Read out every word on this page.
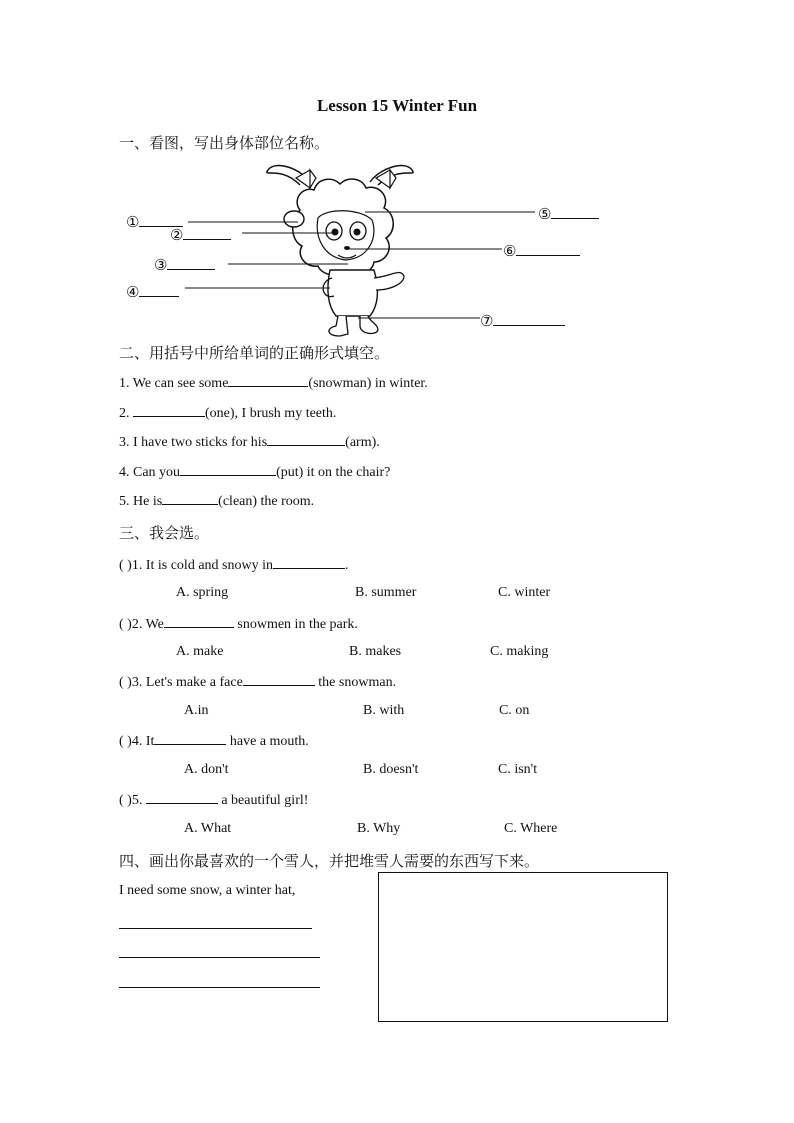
Lesson 15 Winter Fun
一、看图，写出身体部位名称。
①
②
③
④
⑤
⑥
⑦
二、用括号中所给单词的正确形式填空。
1. We can see some	(snowman) in winter.
2.	(one), I brush my teeth.
3. I have two sticks for his	(arm).
4. Can you	(put) it on the chair?
5. He is	(clean) the room.
三、我会选。
( )1. It is cold and snowy in	.
A. spring	B. summer	C. winter
( )2. We	snowmen in the park.
A. make	B. makes	C. making
( )3. Let's make a face	the snowman.
A.in	B. with	C. on
( )4. It	have a mouth.
A. don't	B. doesn't	C. isn't
( )5.	a beautiful girl!
A. What	B. Why	C. Where
四、画出你最喜欢的一个雪人，并把堆雪人需要的东西写下来。
I need some snow, a winter hat,
